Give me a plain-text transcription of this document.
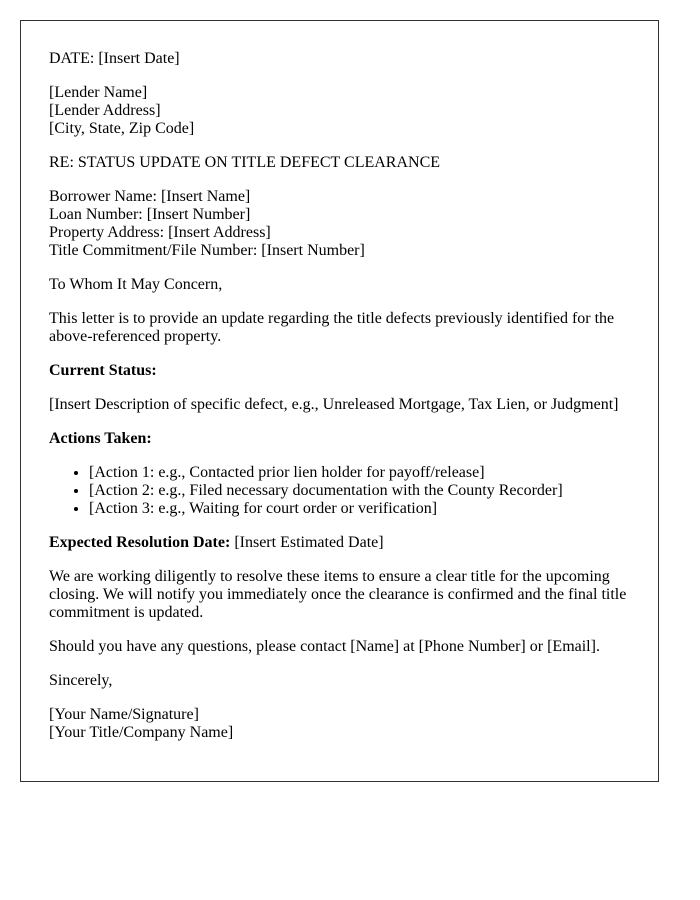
DATE: [Insert Date]

[Lender Name]

[Lender Address]

[City, State, Zip Code]

RE: STATUS UPDATE ON TITLE DEFECT CLEARANCE

Borrower Name: [Insert Name]

Loan Number: [Insert Number]

Property Address: [Insert Address]

Title Commitment/File Number: [Insert Number]

To Whom It May Concern,

This letter is to provide an update regarding the title defects previously identified for the above-referenced property.

Current Status:

[Insert Description of specific defect, e.g., Unreleased Mortgage, Tax Lien, or Judgment]

Actions Taken:

• [Action 1: e.g., Contacted prior lien holder for payoff/release]
• [Action 2: e.g., Filed necessary documentation with the County Recorder]
• [Action 3: e.g., Waiting for court order or verification]

Expected Resolution Date: [Insert Estimated Date]

We are working diligently to resolve these items to ensure a clear title for the upcoming closing. We will notify you immediately once the clearance is confirmed and the final title commitment is updated.

Should you have any questions, please contact [Name] at [Phone Number] or [Email].

Sincerely,

[Your Name/Signature]

[Your Title/Company Name]
